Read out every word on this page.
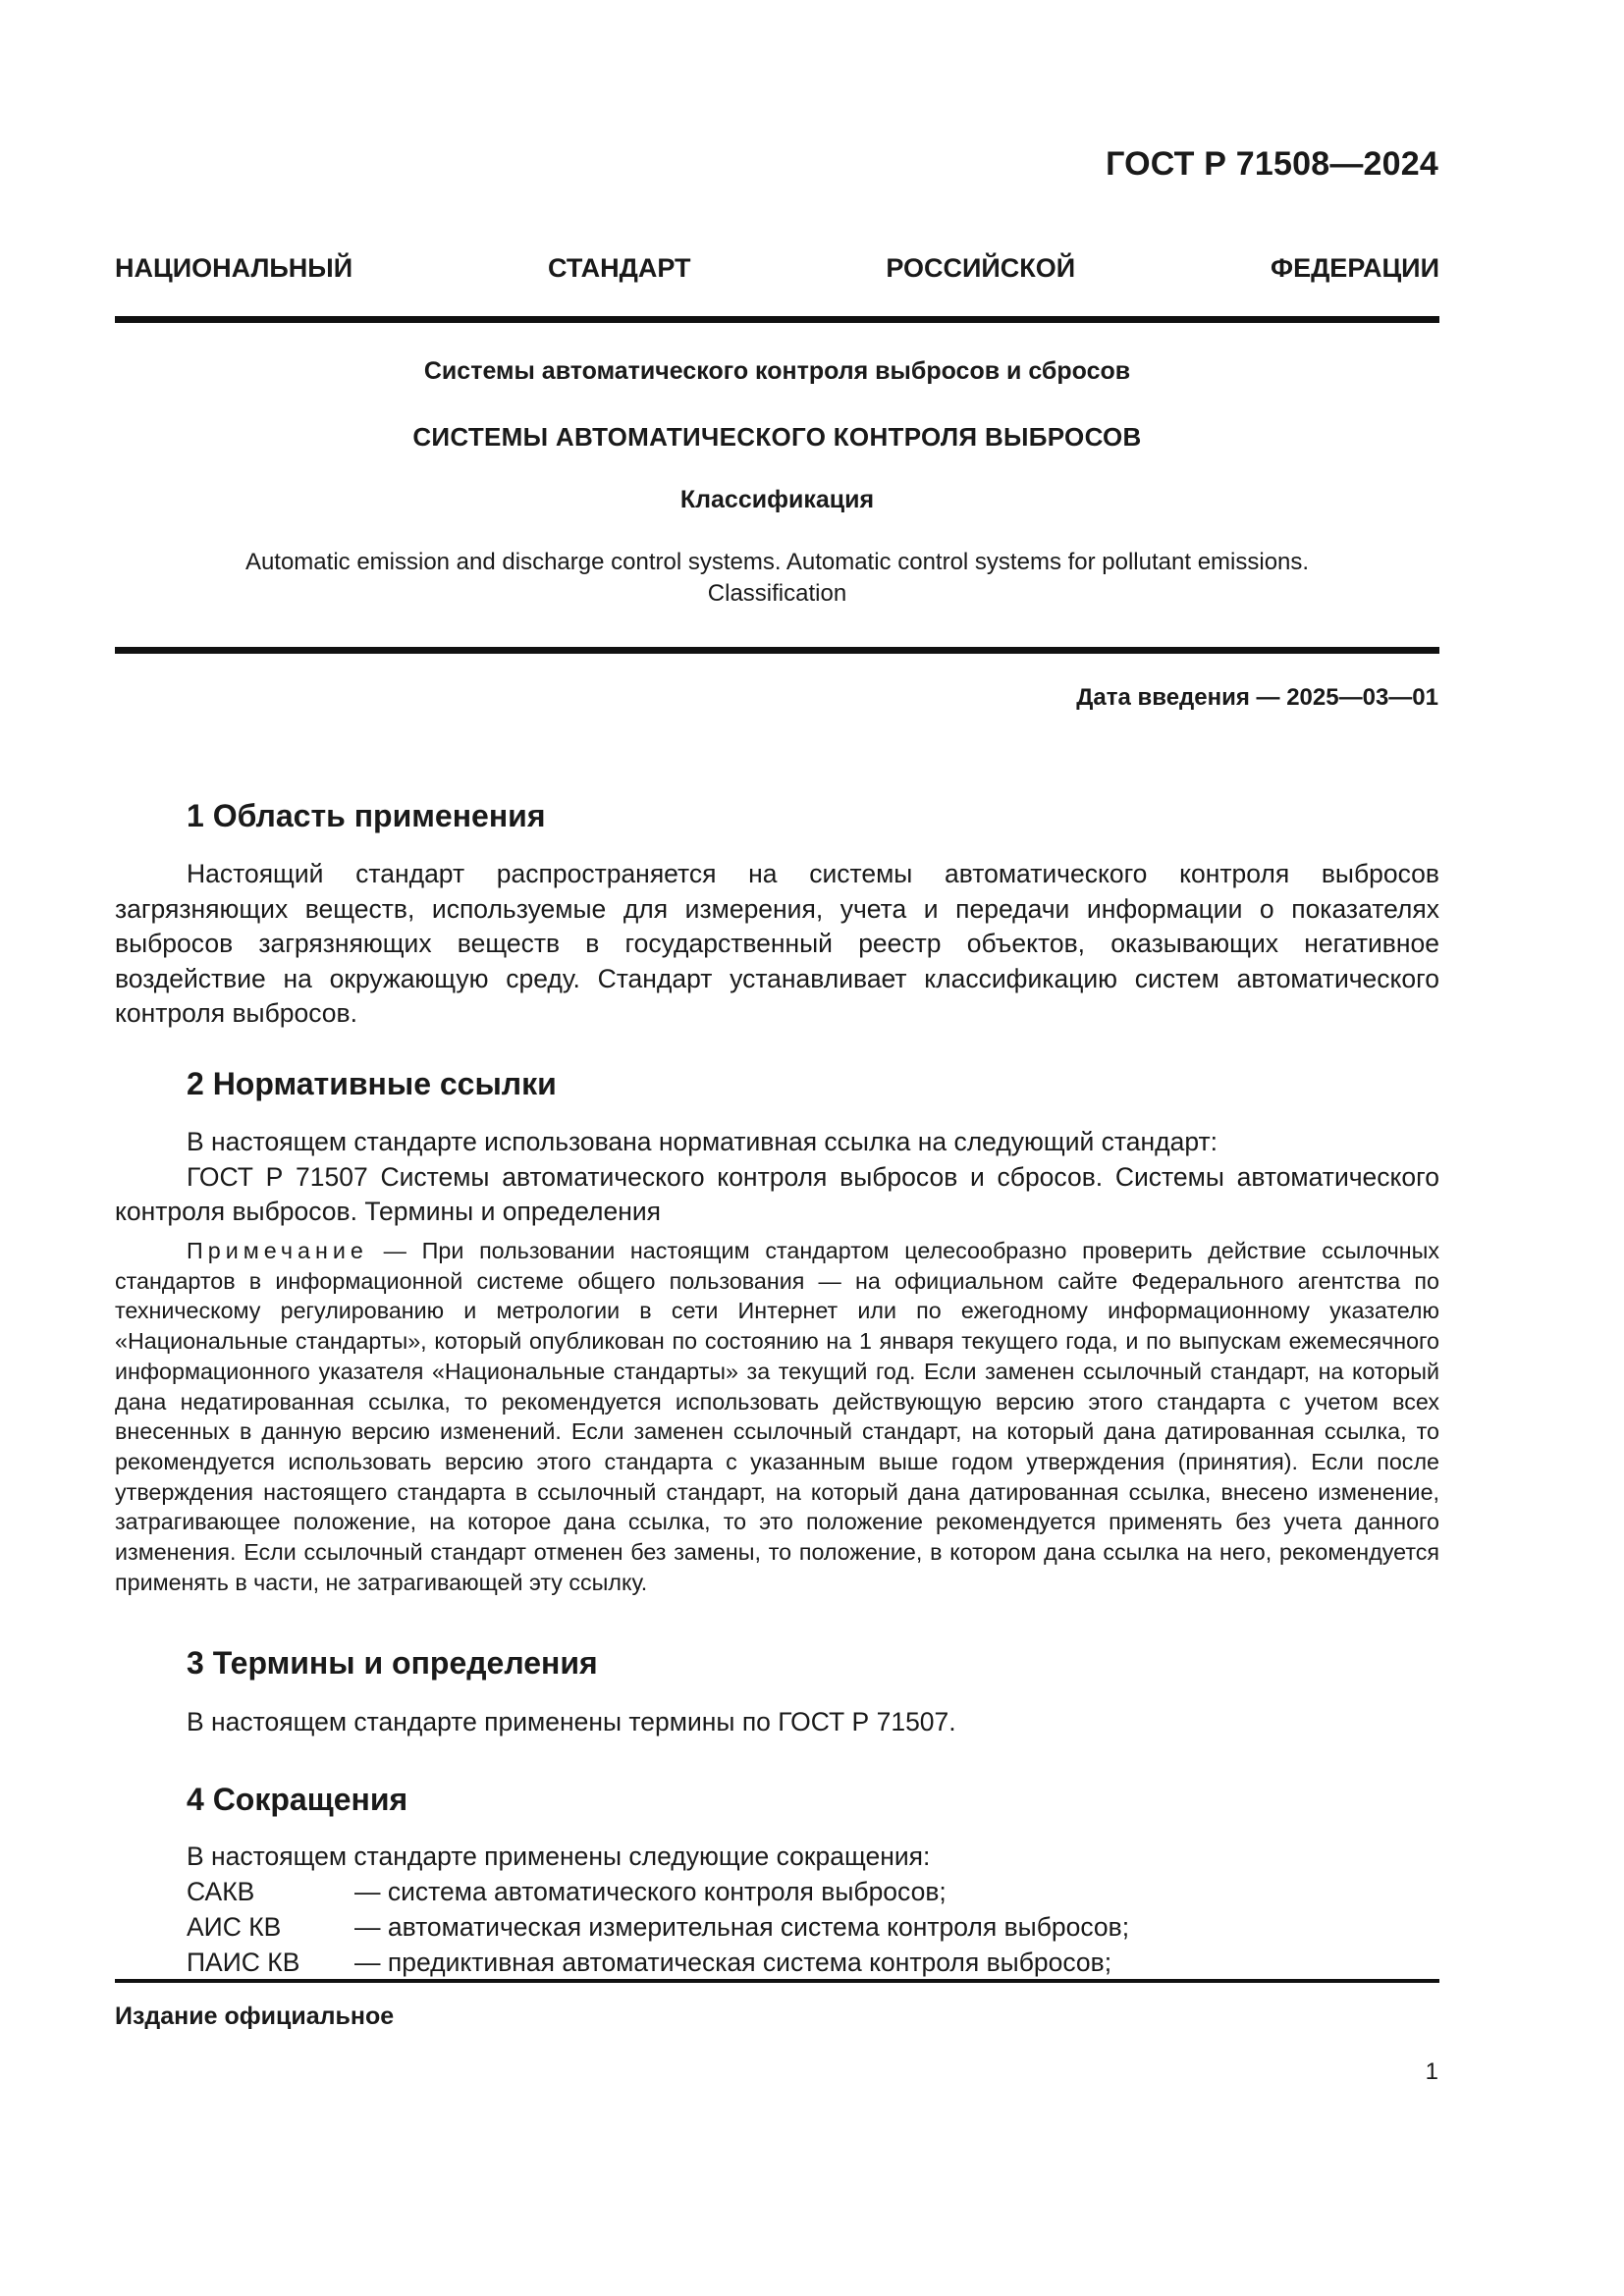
ГОСТ Р 71508—2024
НАЦИОНАЛЬНЫЙ СТАНДАРТ РОССИЙСКОЙ ФЕДЕРАЦИИ
Системы автоматического контроля выбросов и сбросов
СИСТЕМЫ АВТОМАТИЧЕСКОГО КОНТРОЛЯ ВЫБРОСОВ
Классификация
Automatic emission and discharge control systems. Automatic control systems for pollutant emissions.
Classification
Дата введения — 2025—03—01
1 Область применения

Настоящий стандарт распространяется на системы автоматического контроля выбросов загрязняющих веществ, используемые для измерения, учета и передачи информации о показателях выбросов загрязняющих веществ в государственный реестр объектов, оказывающих негативное воздействие на окружающую среду. Стандарт устанавливает классификацию систем автоматического контроля выбросов.

2 Нормативные ссылки

В настоящем стандарте использована нормативная ссылка на следующий стандарт:

ГОСТ Р 71507 Системы автоматического контроля выбросов и сбросов. Системы автоматического контроля выбросов. Термины и определения

Примечание — При пользовании настоящим стандартом целесообразно проверить действие ссылочных стандартов в информационной системе общего пользования — на официальном сайте Федерального агентства по техническому регулированию и метрологии в сети Интернет или по ежегодному информационному указателю «Национальные стандарты», который опубликован по состоянию на 1 января текущего года, и по выпускам ежемесячного информационного указателя «Национальные стандарты» за текущий год. Если заменен ссылочный стандарт, на который дана недатированная ссылка, то рекомендуется использовать действующую версию этого стандарта с учетом всех внесенных в данную версию изменений. Если заменен ссылочный стандарт, на который дана датированная ссылка, то рекомендуется использовать версию этого стандарта с указанным выше годом утверждения (принятия). Если после утверждения настоящего стандарта в ссылочный стандарт, на который дана датированная ссылка, внесено изменение, затрагивающее положение, на которое дана ссылка, то это положение рекомендуется применять без учета данного изменения. Если ссылочный стандарт отменен без замены, то положение, в котором дана ссылка на него, рекомендуется применять в части, не затрагивающей эту ссылку.

3 Термины и определения

В настоящем стандарте применены термины по ГОСТ Р 71507.

4 Сокращения

В настоящем стандарте применены следующие сокращения:

САКВ	— система автоматического контроля выбросов;
АИС КВ	— автоматическая измерительная система контроля выбросов;
ПАИС КВ — предиктивная автоматическая система контроля выбросов;
Издание официальное
1
